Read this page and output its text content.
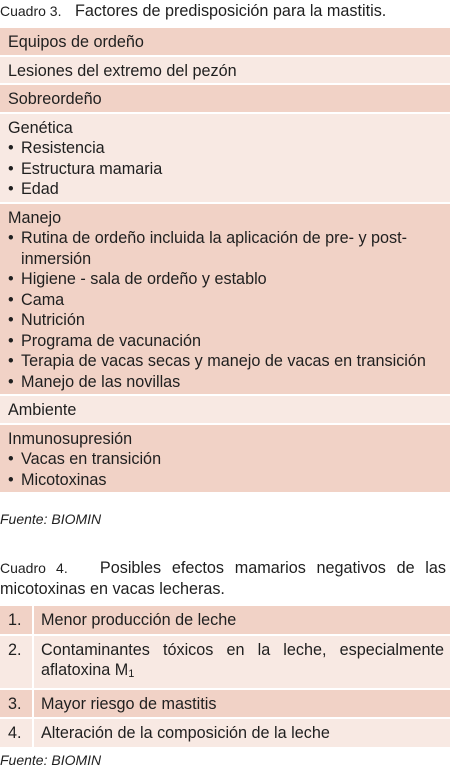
Cuadro 3. Factores de predisposición para la mastitis.
Equipos de ordeño
Lesiones del extremo del pezón
Sobreordeño
Genética
• Resistencia
• Estructura mamaria
• Edad
Manejo
• Rutina de ordeño incluida la aplicación de pre- y post-inmersión
• Higiene - sala de ordeño y establo
• Cama
• Nutrición
• Programa de vacunación
• Terapia de vacas secas y manejo de vacas en transición
• Manejo de las novillas
Ambiente
Inmunosupresión
• Vacas en transición
• Micotoxinas
Fuente: BIOMIN
Cuadro 4. Posibles efectos mamarios negativos de las micotoxinas en vacas lecheras.
1.	Menor producción de leche
2.	Contaminantes tóxicos en la leche, especialmente aflatoxina M1
3.	Mayor riesgo de mastitis
4.	Alteración de la composición de la leche
Fuente: BIOMIN
